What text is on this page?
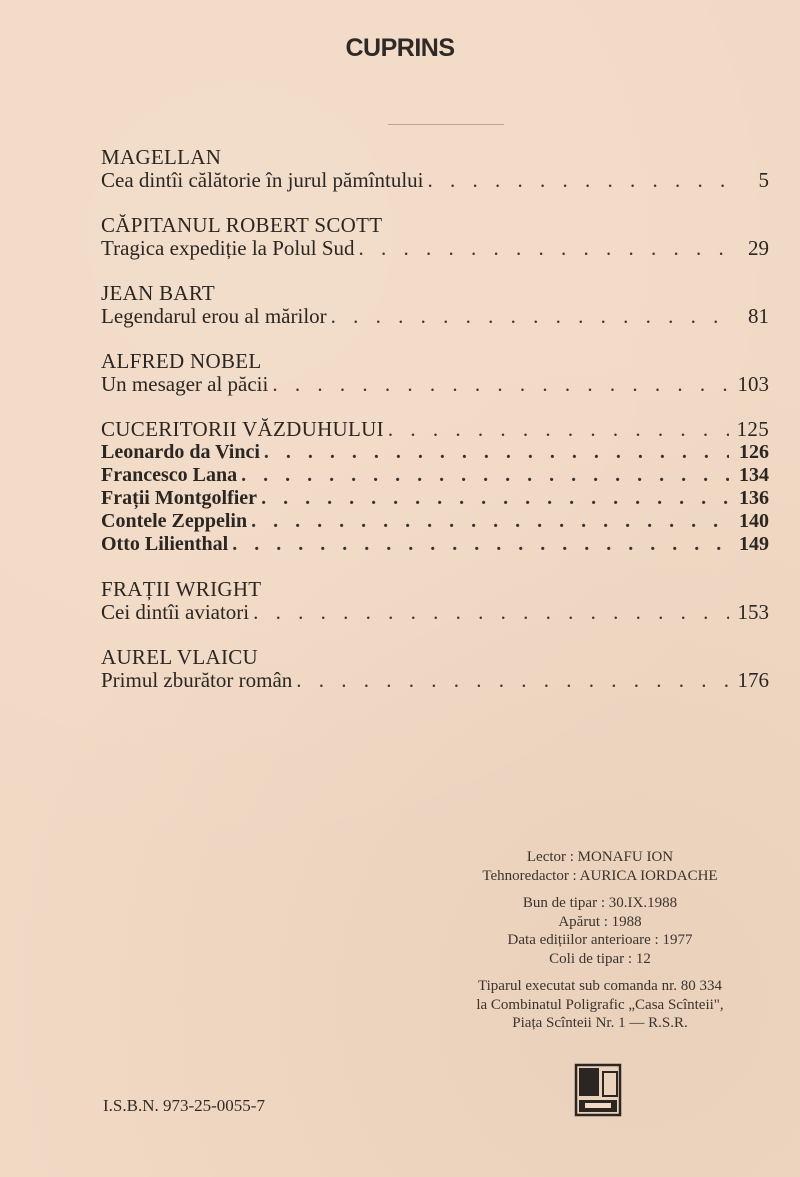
CUPRINS
MAGELLAN
Cea dintîi călătorie în jurul pămîntului . . .	5
CĂPITANUL ROBERT SCOTT
Tragica expediție la Polul Sud . . .	29
JEAN BART
Legendarul erou al mărilor . . .	81
ALFRED NOBEL
Un mesager al păcii . . .	103
CUCERITORII VĂZDUHULUI . . .	125
Leonardo da Vinci . . .	126
Francesco Lana . . .	134
Frații Montgolfier . . .	136
Contele Zeppelin . . .	140
Otto Lilienthal . . .	149
FRAȚII WRIGHT
Cei dintîi aviatori . . .	153
AUREL VLAICU
Primul zburător român . . .	176
Lector : MONAFU ION
Tehnoredactor : AURICA IORDACHE
Bun de tipar : 30.IX.1988
Apărut : 1988
Data edițiilor anterioare : 1977
Coli de tipar : 12
Tiparul executat sub comanda nr. 80 334
la Combinatul Poligrafic „Casa Scînteii",
Piața Scînteii Nr. 1 — R.S.R.
I.S.B.N. 973-25-0055-7
